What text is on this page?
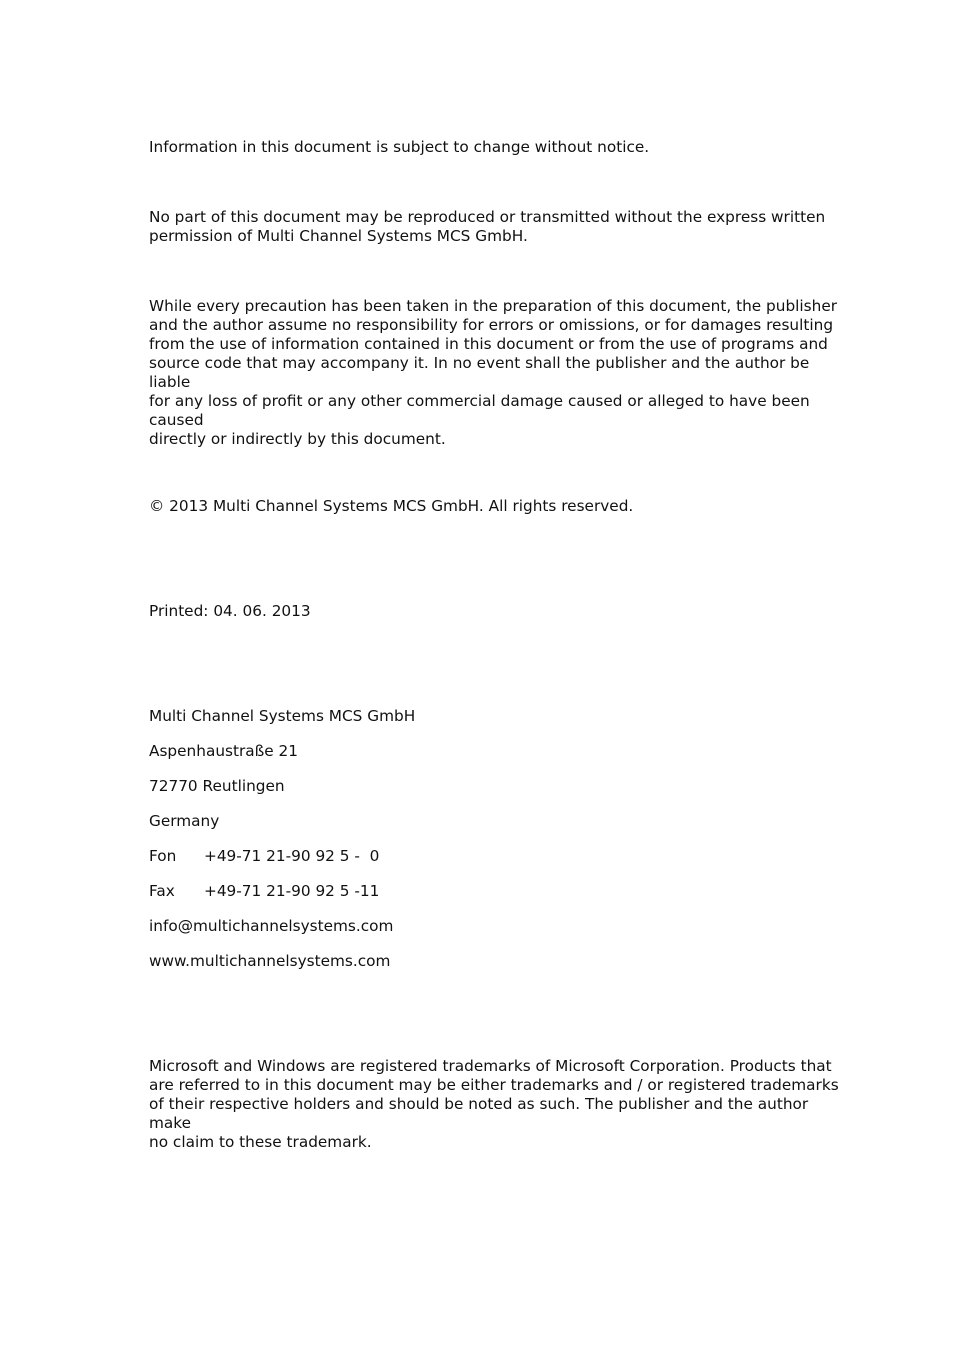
Information in this document is subject to change without notice.
No part of this document may be reproduced or transmitted without the express written
permission of Multi Channel Systems MCS GmbH.
While every precaution has been taken in the preparation of this document, the publisher
and the author assume no responsibility for errors or omissions, or for damages resulting
from the use of information contained in this document or from the use of programs and
source code that may accompany it. In no event shall the publisher and the author be liable
for any loss of profit or any other commercial damage caused or alleged to have been caused
directly or indirectly by this document.
© 2013 Multi Channel Systems MCS GmbH. All rights reserved.
Printed: 04. 06. 2013
Multi Channel Systems MCS GmbH
Aspenhaustraße 21
72770 Reutlingen
Germany
Fon +49-71 21-90 92 5 -  0
Fax +49-71 21-90 92 5 -11
info@multichannelsystems.com
www.multichannelsystems.com
Microsoft and Windows are registered trademarks of Microsoft Corporation. Products that
are referred to in this document may be either trademarks and / or registered trademarks
of their respective holders and should be noted as such. The publisher and the author make
no claim to these trademark.
